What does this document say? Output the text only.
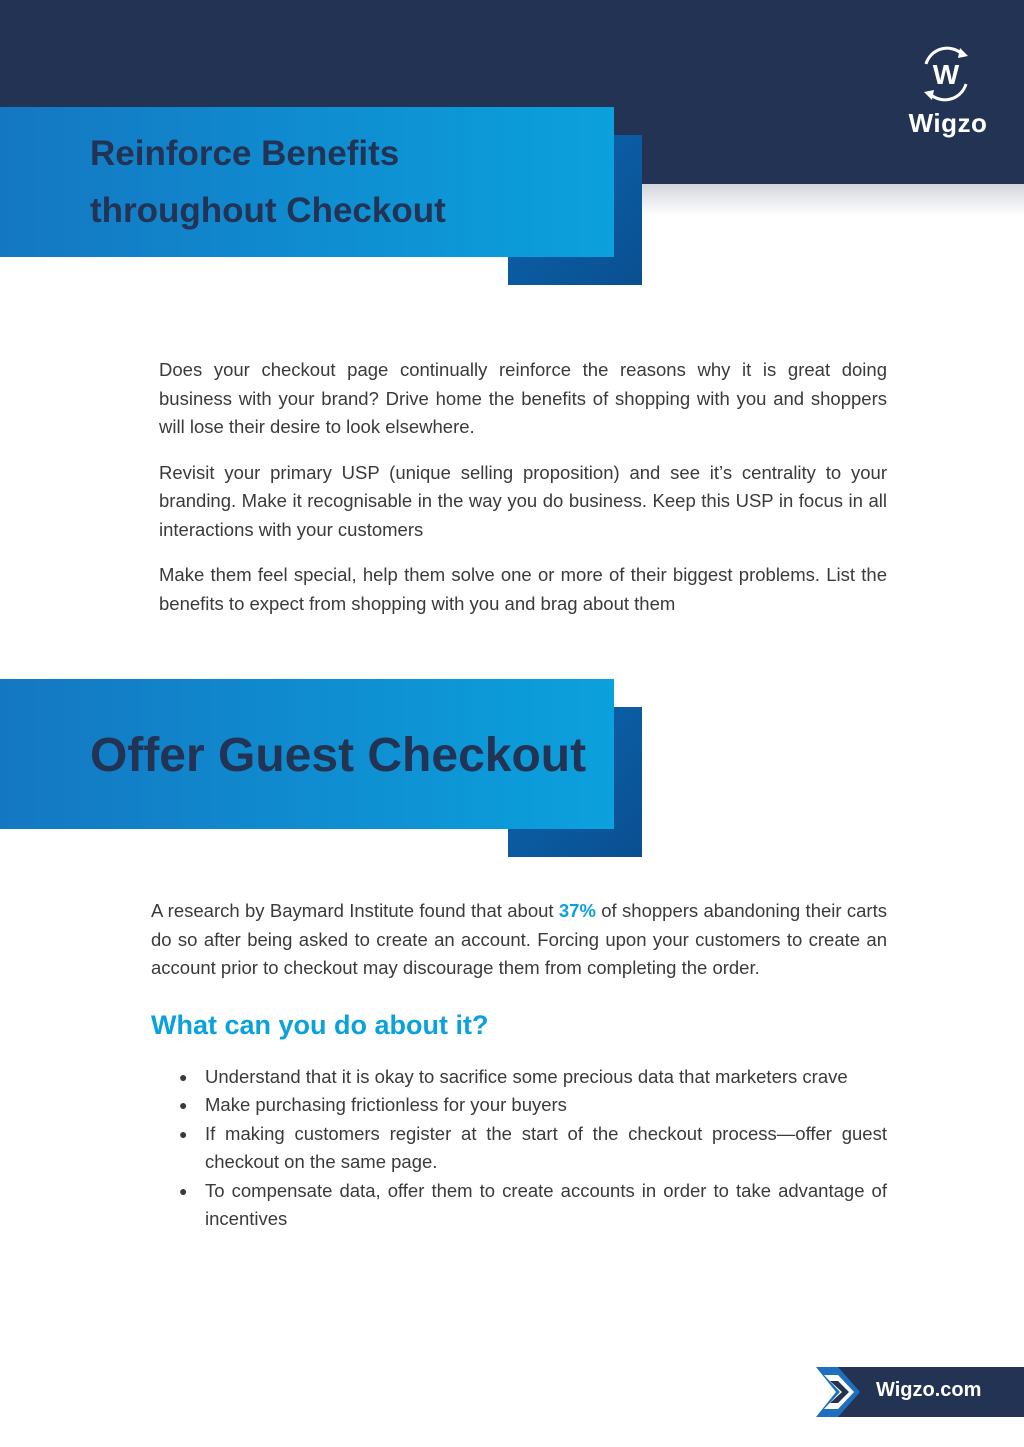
W
Wigzo
Reinforce Benefits
throughout Checkout

Does your checkout page continually reinforce the reasons why it is great doing business with your brand? Drive home the benefits of shopping with you and shoppers will lose their desire to look elsewhere.

Revisit your primary USP (unique selling proposition) and see it’s centrality to your branding. Make it recognisable in the way you do business. Keep this USP in focus in all interactions with your customers

Make them feel special, help them solve one or more of their biggest problems. List the benefits to expect from shopping with you and brag about them

Offer Guest Checkout

A research by Baymard Institute found that about 37% of shoppers abandoning their carts do so after being asked to create an account. Forcing upon your customers to create an account prior to checkout may discourage them from completing the order.

What can you do about it?
● Understand that it is okay to sacrifice some precious data that marketers crave
● Make purchasing frictionless for your buyers
● If making customers register at the start of the checkout process—offer guest checkout on the same page.
● To compensate data, offer them to create accounts in order to take advantage of incentives
Wigzo.com
